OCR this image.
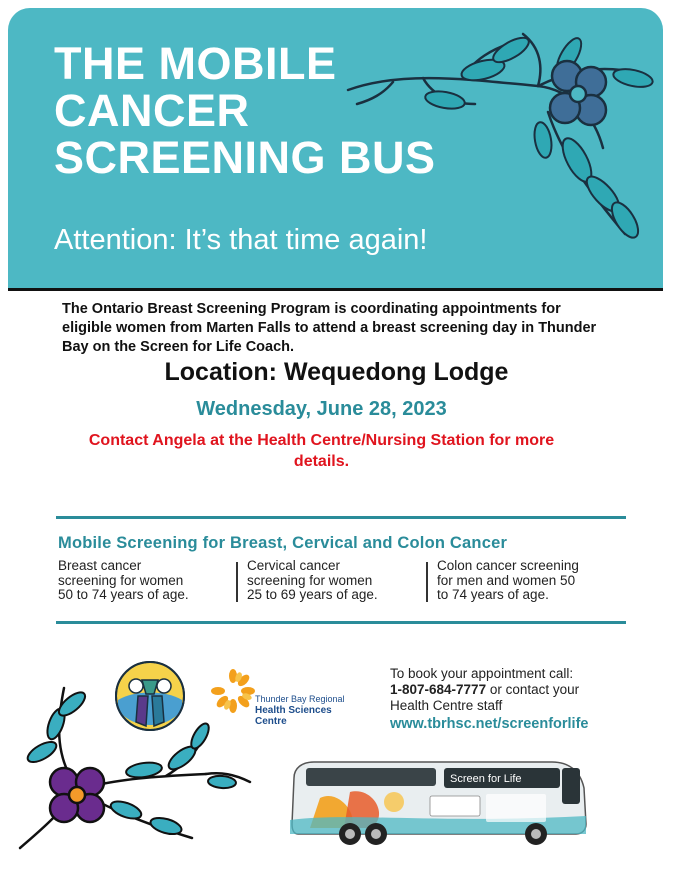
THE MOBILE
CANCER
SCREENING BUS
Attention: It’s that time again!
The Ontario Breast Screening Program is coordinating appointments for eligible women from Marten Falls to attend a breast screening day in Thunder Bay on the Screen for Life Coach.
Location: Wequedong Lodge
Wednesday, June 28, 2023
Contact Angela at the Health Centre/Nursing Station for more details.
Mobile Screening for Breast, Cervical and Colon Cancer
Breast cancer
screening for women
50 to 74 years of age.
Cervical cancer
screening for women
25 to 69 years of age.
Colon cancer screening
for men and women 50
to 74 years of age.
Thunder Bay Regional
Health Sciences
Centre
To book your appointment call:
1-807-684-7777 or contact your
Health Centre staff
www.tbrhsc.net/screenforlife
Screen for Life
